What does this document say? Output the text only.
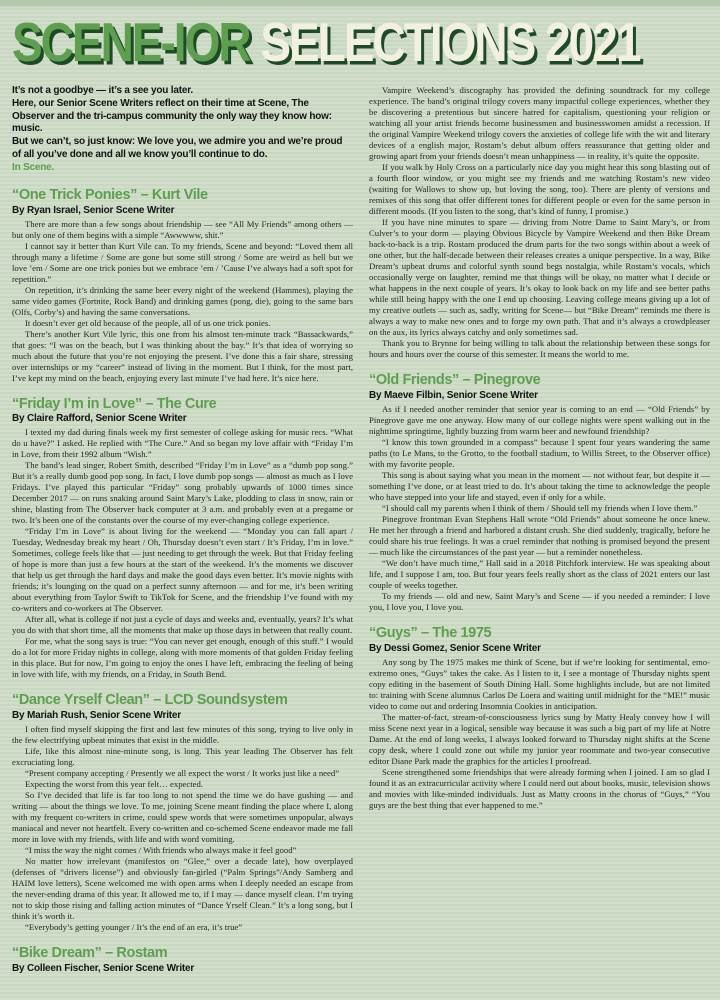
SCENE-IOR SELECTIONS 2021

It’s not a goodbye — it’s a see you later.

Here, our Senior Scene Writers reflect on their time at Scene, The Observer and the tri-campus community the only way they know how: music.

But we can’t, so just know: We love you, we admire you and we’re proud of all you’ve done and all we know you’ll continue to do.

In Scene.

“One Trick Ponies” – Kurt Vile

By Ryan Israel, Senior Scene Writer

There are more than a few songs about friendship — see “All My Friends” among others — but only one of them begins with a simple “Awwwww, shit.”

I cannot say it better than Kurt Vile can. To my friends, Scene and beyond: “Loved them all through many a lifetime / Some are gone but some still strong / Some are weird as hell but we love ’em / Some are one trick ponies but we embrace ’em / ’Cause I’ve always had a soft spot for repetition.”

On repetition, it’s drinking the same beer every night of the weekend (Hammes), playing the same video games (Fortnite, Rock Band) and drinking games (pong, die), going to the same bars (Olfs, Corby’s) and having the same conversations.

It doesn’t ever get old because of the people, all of us one trick ponies.

There’s another Kurt Vile lyric, this one from his almost ten-minute track “Bassackwards,” that goes: “I was on the beach, but I was thinking about the bay.” It’s that idea of worrying so much about the future that you’re not enjoying the present. I’ve done this a fair share, stressing over internships or my “career” instead of living in the moment. But I think, for the most part, I’ve kept my mind on the beach, enjoying every last minute I’ve had here. It’s nice here.

“Friday I’m in Love” – The Cure

By Claire Rafford, Senior Scene Writer

I texted my dad during finals week my first semester of college asking for music recs. “What do u have?” I asked. He replied with “The Cure.” And so began my love affair with “Friday I’m in Love, from their 1992 album “Wish.”

The band’s lead singer, Robert Smith, described “Friday I’m in Love” as a “dumb pop song.” But it’s a really dumb good pop song. In fact, I love dumb pop songs — almost as much as I love Fridays. I’ve played this particular “Friday” song probably upwards of 1000 times since December 2017 — on runs snaking around Saint Mary’s Lake, plodding to class in snow, rain or shine, blasting from The Observer back computer at 3 a.m. and probably even at a pregame or two. It’s been one of the constants over the course of my ever-changing college experience.

“Friday I’m in Love” is about living for the weekend — “Monday you can fall apart / Tuesday, Wednesday break my heart / Oh, Thursday doesn’t even start / It’s Friday, I’m in love.” Sometimes, college feels like that — just needing to get through the week. But that Friday feeling of hope is more than just a few hours at the start of the weekend. It’s the moments we discover that help us get through the hard days and make the good days even better. It’s movie nights with friends; it’s lounging on the quad on a perfect sunny afternoon — and for me, it’s been writing about everything from Taylor Swift to TikTok for Scene, and the friendship I’ve found with my co-writers and co-workers at The Observer.

After all, what is college if not just a cycle of days and weeks and, eventually, years? It’s what you do with that short time, all the moments that make up those days in between that really count.

For me, what the song says is true: “You can never get enough, enough of this stuff.” I would do a lot for more Friday nights in college, along with more moments of that golden Friday feeling in this place. But for now, I’m going to enjoy the ones I have left, embracing the feeling of being in love with life, with my friends, on a Friday, in South Bend.

“Dance Yrself Clean” – LCD Soundsystem

By Mariah Rush, Senior Scene Writer

I often find myself skipping the first and last few minutes of this song, trying to live only in the few electrifying upbeat minutes that exist in the middle.

Life, like this almost nine-minute song, is long. This year leading The Observer has felt excruciating long.

“Present company accepting / Presently we all expect the worst / It works just like a need”

Expecting the worst from this year felt… expected.

So I’ve decided that life is far too long to not spend the time we do have gushing — and writing — about the things we love. To me, joining Scene meant finding the place where I, along with my frequent co-writers in crime, could spew words that were sometimes unpopular, always maniacal and never not heartfelt. Every co-written and co-schemed Scene endeavor made me fall more in love with my friends, with life and with word vomiting.

“I miss the way the night comes / With friends who always make it feel good”

No matter how irrelevant (manifestos on “Glee,” over a decade late), how overplayed (defenses of “drivers license”) and obviously fan-girled (“Palm Springs”/Andy Samberg and HAIM love letters), Scene welcomed me with open arms when I deeply needed an escape from the never-ending drama of this year. It allowed me to, if I may — dance myself clean. I’m trying not to skip those rising and falling action minutes of “Dance Yrself Clean.” It’s a long song, but I think it’s worth it.

“Everybody’s getting younger / It’s the end of an era, it’s true”

“Bike Dream” – Rostam

By Colleen Fischer, Senior Scene Writer

Vampire Weekend’s discography has provided the defining soundtrack for my college experience. The band’s original trilogy covers many impactful college experiences, whether they be discovering a pretentious but sincere hatred for capitalism, questioning your religion or watching all your artist friends become businessmen and businesswomen amidst a recession. If the original Vampire Weekend trilogy covers the anxieties of college life with the wit and literary devices of a english major, Rostam’s debut album offers reassurance that getting older and growing apart from your friends doesn’t mean unhappiness — in reality, it’s quite the opposite.

If you walk by Holy Cross on a particularly nice day you might hear this song blasting out of a fourth floor window, or you might see my friends and me watching Rostam’s new video (waiting for Wallows to show up, but loving the song, too). There are plenty of versions and remixes of this song that offer different tones for different people or even for the same person in different moods. (If you listen to the song, that’s kind of funny, I promise.)

If you have nine minutes to spare — driving from Notre Dame to Saint Mary’s, or from Culver’s to your dorm — playing Obvious Bicycle by Vampire Weekend and then Bike Dream back-to-back is a trip. Rostam produced the drum parts for the two songs within about a week of one other, but the half-decade between their releases creates a unique perspective. In a way, Bike Dream’s upbeat drums and colorful synth sound begs nostalgia, while Rostam’s vocals, which occasionally verge on laughter, remind me that things will be okay, no matter what I decide or what happens in the next couple of years. It’s okay to look back on my life and see better paths while still being happy with the one I end up choosing. Leaving college means giving up a lot of my creative outlets — such as, sadly, writing for Scene— but “Bike Dream” reminds me there is always a way to make new ones and to forge my own path. That and it’s always a crowdpleaser on the aux, its lyrics always catchy and only sometimes sad.

Thank you to Brynne for being willing to talk about the relationship between these songs for hours and hours over the course of this semester. It means the world to me.

“Old Friends” – Pinegrove

By Maeve Filbin, Senior Scene Writer

As if I needed another reminder that senior year is coming to an end — “Old Friends” by Pinegrove gave me one anyway. How many of our college nights were spent walking out in the nighttime springtime, lightly buzzing from warm beer and newfound friendship?

“I know this town grounded in a compass” because I spent four years wandering the same paths (to Le Mans, to the Grotto, to the football stadium, to Willis Street, to the Observer office) with my favorite people.

This song is about saying what you mean in the moment — not without fear, but despite it — something I’ve done, or at least tried to do. It’s about taking the time to acknowledge the people who have stepped into your life and stayed, even if only for a while.

“I should call my parents when I think of them / Should tell my friends when I love them.”

Pinegrove frontman Evan Stephens Hall wrote “Old Friends” about someone he once knew. He met her through a friend and harbored a distant crush. She died suddenly, tragically, before he could share his true feelings. It was a cruel reminder that nothing is promised beyond the present — much like the circumstances of the past year — but a reminder nonetheless.

“We don’t have much time,” Hall said in a 2018 Pitchfork interview. He was speaking about life, and I suppose I am, too. But four years feels really short as the class of 2021 enters our last couple of weeks together.

To my friends — old and new, Saint Mary’s and Scene — if you needed a reminder: I love you, I love you, I love you.

“Guys” – The 1975

By Dessi Gomez, Senior Scene Writer

Any song by The 1975 makes me think of Scene, but if we’re looking for sentimental, emo-extremo ones, “Guys” takes the cake. As I listen to it, I see a montage of Thursday nights spent copy editing in the basement of South Dining Hall. Some highlights include, but are not limited to: training with Scene alumnus Carlos De Loera and waiting until midnight for the “ME!” music video to come out and ordering Insomnia Cookies in anticipation.

The matter-of-fact, stream-of-consciousness lyrics sung by Matty Healy convey how I will miss Scene next year in a logical, sensible way because it was such a big part of my life at Notre Dame. At the end of long weeks, I always looked forward to Thursday night shifts at the Scene copy desk, where I could zone out while my junior year roommate and two-year consecutive editor Diane Park made the graphics for the articles I proofread.

Scene strengthened some friendships that were already forming when I joined. I am so glad I found it as an extracurricular activity where I could nerd out about books, music, television shows and movies with like-minded individuals. Just as Matty croons in the chorus of “Guys,” “You guys are the best thing that ever happened to me.”
